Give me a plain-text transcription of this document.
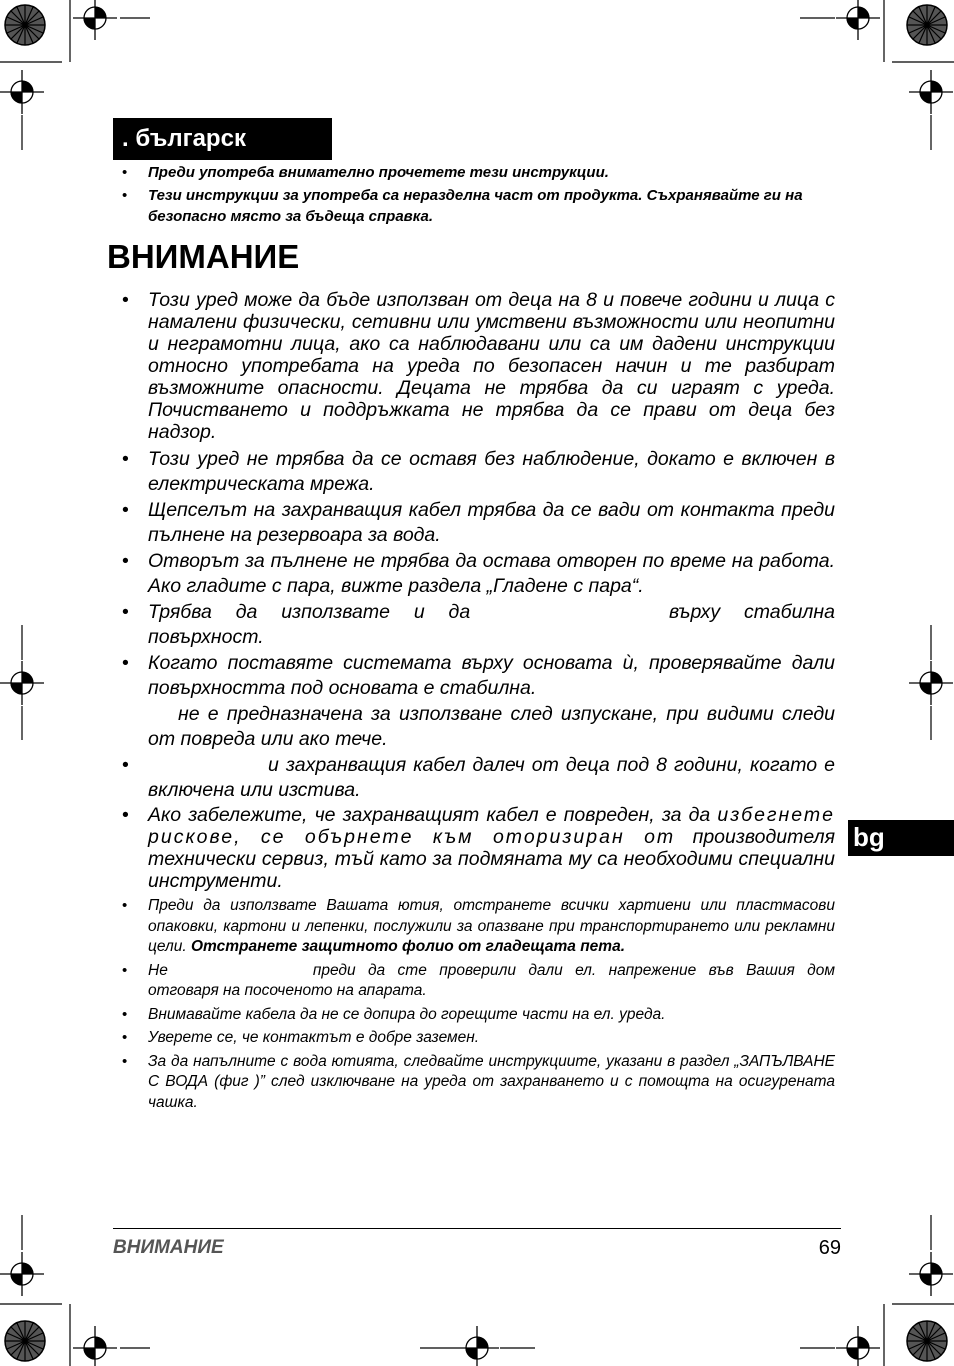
. българск
• Преди употреба внимателно прочетете тези инструкции.
• Тези инструкции за употреба са неразделна част от продукта. Съхранявайте ги на безопасно място за бъдеща справка.
ВНИМАНИЕ
• Този уред може да бъде използван от деца на 8 и повече години и лица с намалени физически, сетивни или умствени възможности или неопитни и неграмотни лица, ако са наблюдавани или са им дадени инструкции относно употребата на уреда по безопасен начин и те разбират възможните опасности. Децата не трябва да си играят с уреда. Почистването и поддръжката не трябва да се прави от деца без надзор.
• Този уред не трябва да се оставя без наблюдение, докато е включен в електрическата мрежа.
• Щепселът на захранващия кабел трябва да се вади от контакта преди пълнене на резервоара за вода.
• Отворът за пълнене не трябва да остава отворен по време на работа. Ако гладите с пара, вижте раздела „Гладене с пара“.
• Трябва да използвате и да	върху стабилна повърхност.
• Когато поставяте системата върху основата ѝ, проверявайте дали повърхността под основата е стабилна.
не е предназначена за използване след изпускане, при видими следи от повреда или ако тече.
• и захранващия кабел далеч от деца под 8 години, когато е включена или изстива.
• Ако забележите, че захранващият кабел е повреден, за да избегнете рискове, се обърнете към оторизиран от производителя технически сервиз, тъй като за подмяната му са необходими специални инструменти.
• Преди да използвате Вашата ютия, отстранете всички хартиени или пластмасови опаковки, картони и лепенки, послужили за опазване при транспортирането или рекламни цели. Отстранете защитното фолио от гладещата пета.
• Не	преди да сте проверили дали ел. напрежение във Вашия дом отговаря на посоченото на апарата.
• Внимавайте кабела да не се допира до горещите части на ел. уреда.
• Уверете се, че контактът е добре заземен.
• За да напълните с вода ютията, следвайте инструкциите, указани в раздел „ЗАПЪЛВАНЕ С ВОДА (фиг )” след изключване на уреда от захранването и с помощта на осигурената чашка.
bg
ВНИМАНИЕ	69
